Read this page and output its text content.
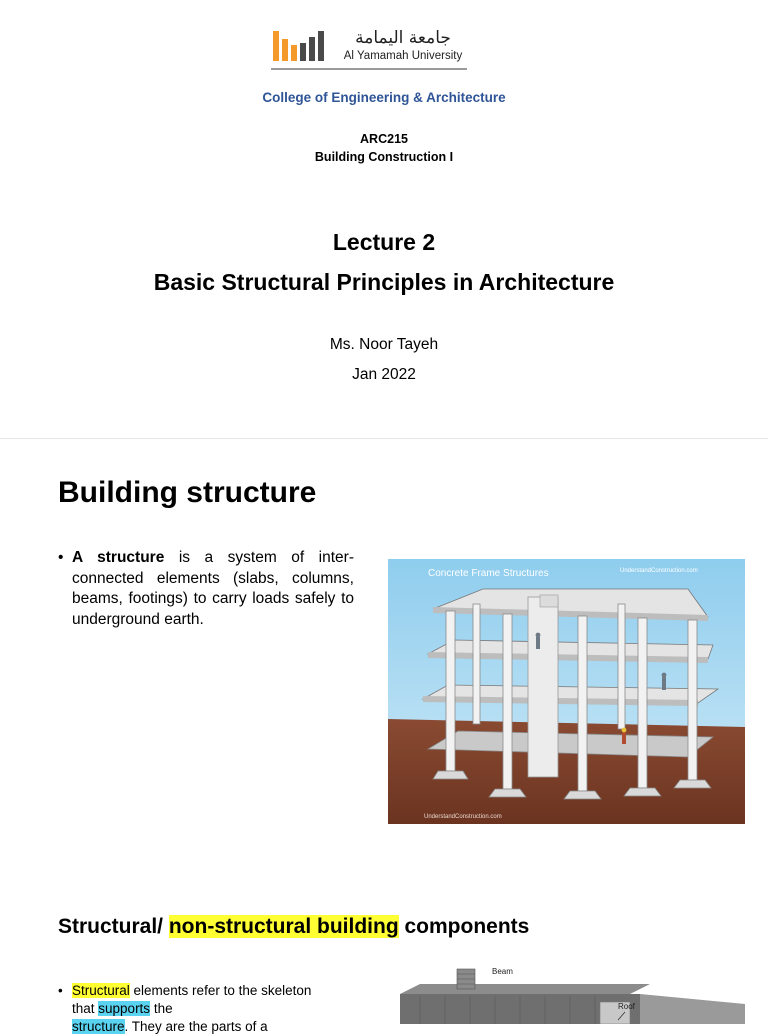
جامعة اليمامة
Al Yamamah University
College of Engineering & Architecture
ARC215
Building Construction I
Lecture 2
Basic Structural Principles in Architecture
Ms. Noor Tayeh
Jan 2022
Building structure
• A structure is a system of inter-connected elements (slabs, columns, beams, footings) to carry loads safely to underground earth.
Concrete Frame Structures	UnderstandConstruction.com
UnderstandConstruction.com
Structural/ non-structural building components
• Structural elements refer to the skeleton that supports the
structure. They are the parts of a
Beam
Roof
